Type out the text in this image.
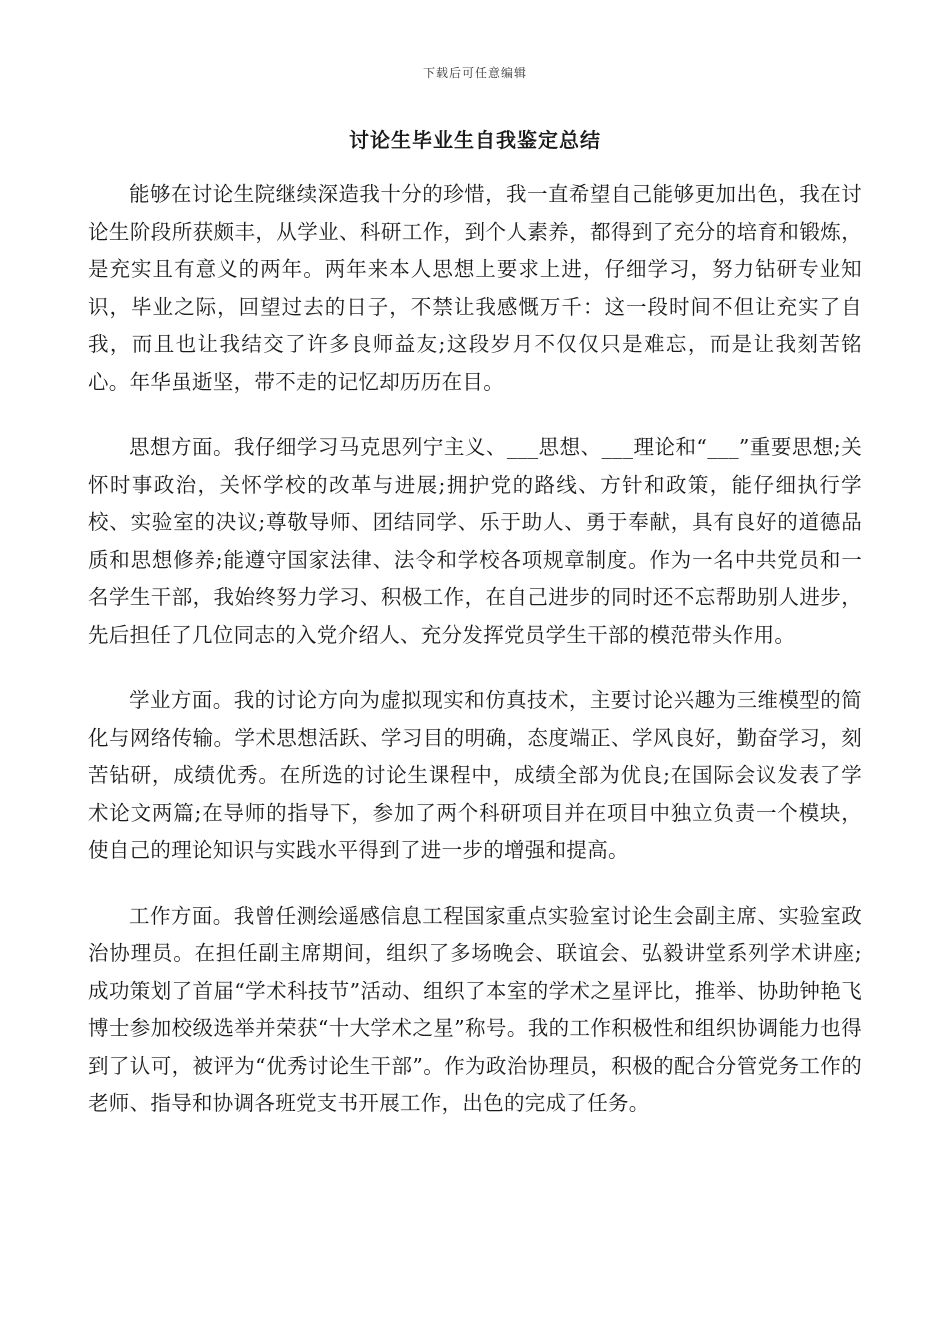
下载后可任意编辑
讨论生毕业生自我鉴定总结

能够在讨论生院继续深造我十分的珍惜，我一直希望自己能够更加出色，我在讨论生阶段所获颇丰，从学业、科研工作，到个人素养，都得到了充分的培育和锻炼，是充实且有意义的两年。两年来本人思想上要求上进，仔细学习，努力钻研专业知识，毕业之际，回望过去的日子，不禁让我感慨万千：这一段时间不但让充实了自我，而且也让我结交了许多良师益友;这段岁月不仅仅只是难忘，而是让我刻苦铭心。年华虽逝坚，带不走的记忆却历历在目。

思想方面。我仔细学习马克思列宁主义、___思想、___理论和“___”重要思想;关怀时事政治，关怀学校的改革与进展;拥护党的路线、方针和政策，能仔细执行学校、实验室的决议;尊敬导师、团结同学、乐于助人、勇于奉献，具有良好的道德品质和思想修养;能遵守国家法律、法令和学校各项规章制度。作为一名中共党员和一名学生干部，我始终努力学习、积极工作，在自己进步的同时还不忘帮助别人进步，先后担任了几位同志的入党介绍人、充分发挥党员学生干部的模范带头作用。

学业方面。我的讨论方向为虚拟现实和仿真技术，主要讨论兴趣为三维模型的简化与网络传输。学术思想活跃、学习目的明确，态度端正、学风良好，勤奋学习，刻苦钻研，成绩优秀。在所选的讨论生课程中，成绩全部为优良;在国际会议发表了学术论文两篇;在导师的指导下，参加了两个科研项目并在项目中独立负责一个模块，使自己的理论知识与实践水平得到了进一步的增强和提高。

工作方面。我曾任测绘遥感信息工程国家重点实验室讨论生会副主席、实验室政治协理员。在担任副主席期间，组织了多场晚会、联谊会、弘毅讲堂系列学术讲座;成功策划了首届“学术科技节”活动、组织了本室的学术之星评比，推举、协助钟艳飞博士参加校级选举并荣获“十大学术之星”称号。我的工作积极性和组织协调能力也得到了认可，被评为“优秀讨论生干部”。作为政治协理员，积极的配合分管党务工作的老师、指导和协调各班党支书开展工作，出色的完成了任务。
